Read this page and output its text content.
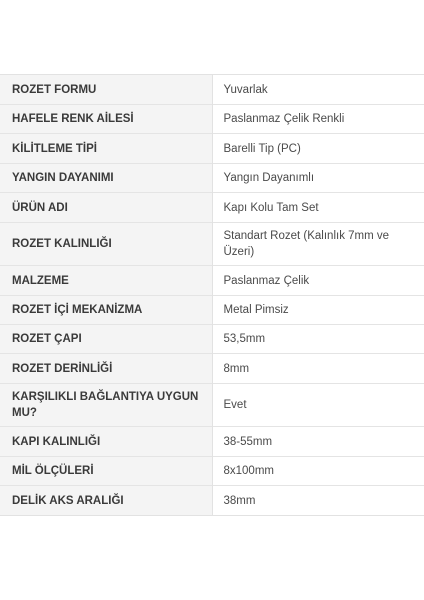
ROZET FORMU	Yuvarlak
HAFELE RENK AİLESİ	Paslanmaz Çelik Renkli
KİLİTLEME TİPİ	Barelli Tip (PC)
YANGIN DAYANIMI	Yangın Dayanımlı
ÜRÜN ADI	Kapı Kolu Tam Set
ROZET KALINLIĞI	Standart Rozet (Kalınlık 7mm ve Üzeri)
MALZEME	Paslanmaz Çelik
ROZET İÇİ MEKANİZMA	Metal Pimsiz
ROZET ÇAPI	53,5mm
ROZET DERİNLİĞİ	8mm
KARŞILIKLI BAĞLANTIYA UYGUN MU?	Evet
KAPI KALINLIĞI	38-55mm
MİL ÖLÇÜLERİ	8x100mm
DELİK AKS ARALIĞI	38mm
